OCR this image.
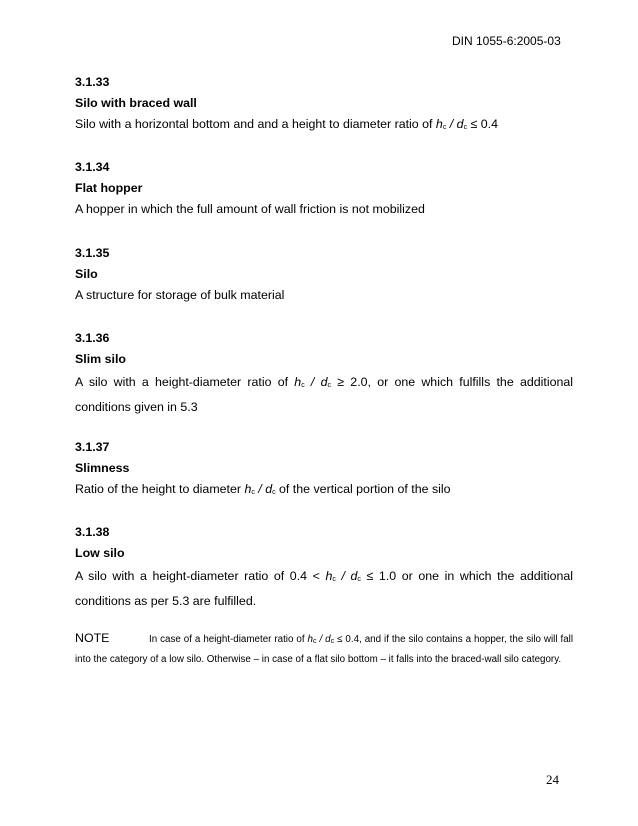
DIN 1055-6:2005-03
3.1.33
Silo with braced wall
Silo with a horizontal bottom and and a height to diameter ratio of $h_c / d_c \le 0.4$
3.1.34
Flat hopper
A hopper in which the full amount of wall friction is not mobilized
3.1.35
Silo
A structure for storage of bulk material
3.1.36
Slim silo
A silo with a height-diameter ratio of $h_c / d_c \ge 2.0$, or one which fulfills the additional conditions given in 5.3
3.1.37
Slimness
Ratio of the height to diameter $h_c / d_c$ of the vertical portion of the silo
3.1.38
Low silo
A silo with a height-diameter ratio of $0.4 < h_c / d_c \le 1.0$ or one in which the additional conditions as per 5.3 are fulfilled.
NOTE	In case of a height-diameter ratio of $h_c / d_c \le 0.4$, and if the silo contains a hopper, the silo will fall into the category of a low silo. Otherwise – in case of a flat silo bottom – it falls into the braced-wall silo category.
24
